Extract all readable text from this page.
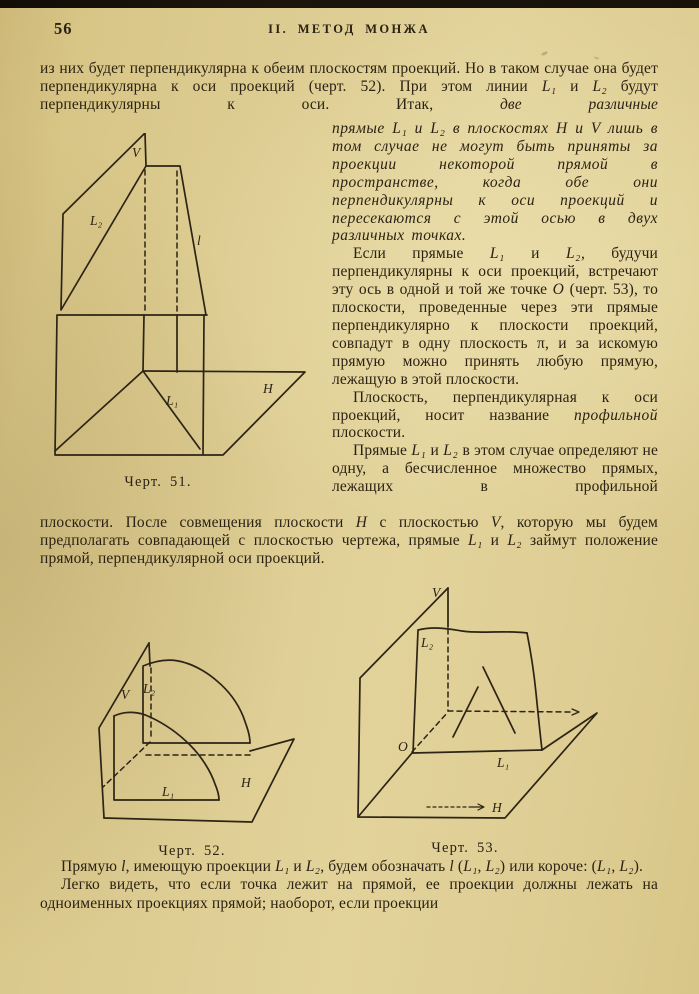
56	II. МЕТОД МОНЖА

из них будет перпендикулярна к обеим плоскостям проекций. Но в таком случае она будет перпендикулярна к оси проекций (черт. 52). При этом линии L₁ и L₂ будут перпендикулярны к оси. Итак, две различные

V
L₂
l
L₁
H
Черт. 51.

прямые L₁ и L₂ в плоскостях H и V лишь в том случае не могут быть приняты за проекции некоторой прямой в пространстве, когда обе они перпендикулярны к оси проекций и пересекаются с этой осью в двух различных точках.

Если прямые L₁ и L₂, будучи перпендикулярны к оси проекций, встречают эту ось в одной и той же точке O (черт. 53), то плоскости, проведенные через эти прямые перпендикулярно к плоскости проекций, совпадут в одну плоскость π, и за искомую прямую можно принять любую прямую, лежащую в этой плоскости.

Плоскость, перпендикулярная к оси проекций, носит название профильной плоскости.

Прямые L₁ и L₂ в этом случае определяют не одну, а бесчисленное множество прямых, лежащих в профильной

плоскости. После совмещения плоскости H с плоскостью V, которую мы будем предполагать совпадающей с плоскостью чертежа, прямые L₁ и L₂ займут положение прямой, перпендикулярной оси проекций.

V L₂
L₁
H
Черт. 52.
V
L₂
O
L₁
H
Черт. 53.

Прямую l, имеющую проекции L₁ и L₂, будем обозначать l (L₁, L₂) или короче: (L₁, L₂).

Легко видеть, что если точка лежит на прямой, ее проекции должны лежать на одноименных проекциях прямой; наоборот, если проекции
